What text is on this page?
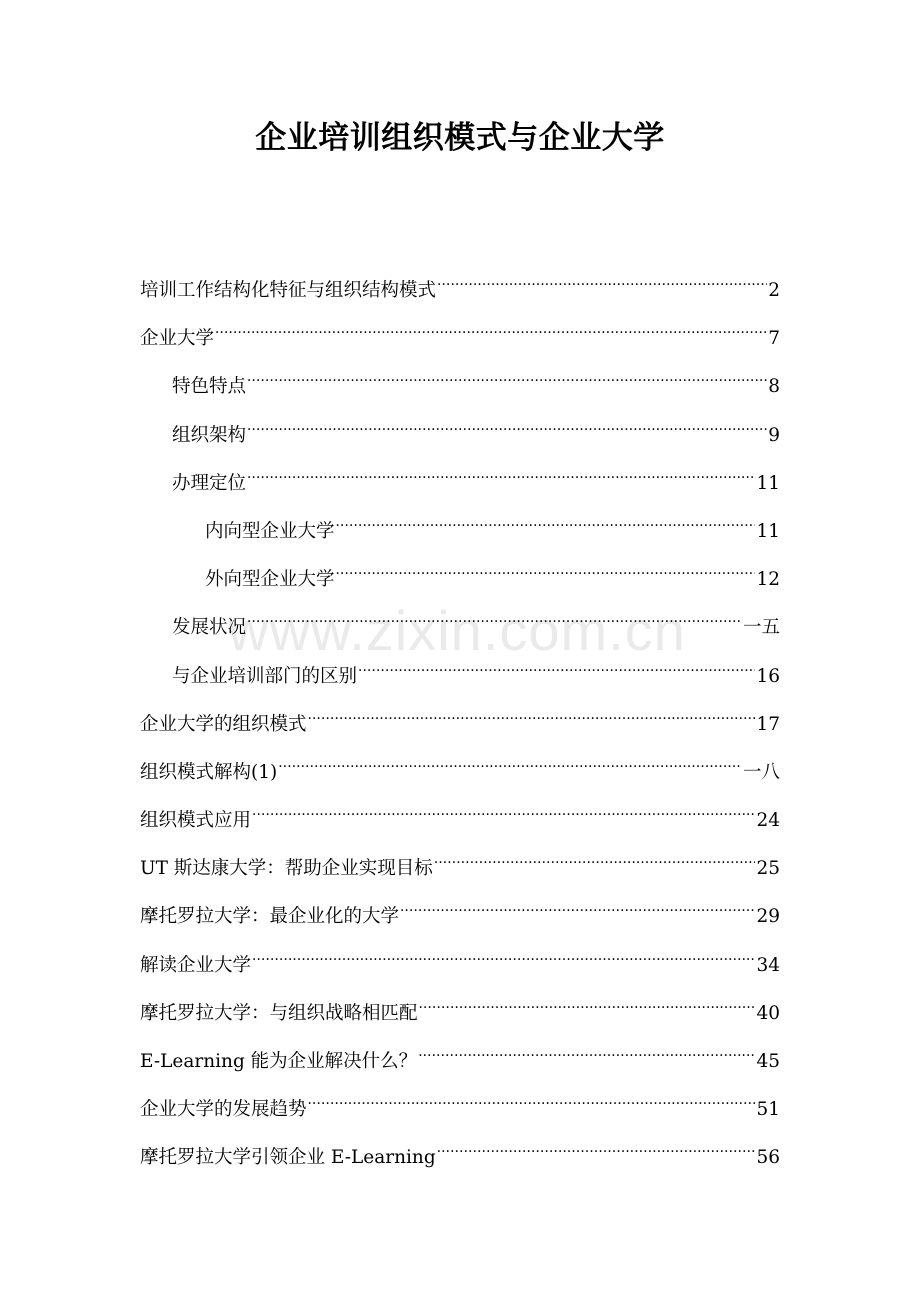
企业培训组织模式与企业大学
www.zixin.com.cn
培训工作结构化特征与组织结构模式 .....	2
企业大学 .....	7
特色特点 .....	8
组织架构 .....	9
办理定位 .....	11
内向型企业大学 .....	11
外向型企业大学 .....	12
发展状况 .....	一五
与企业培训部门的区别 .....	16
企业大学的组织模式 .....	17
组织模式解构(1) .....	一八
组织模式应用 .....	24
UT 斯达康大学：帮助企业实现目标 .....	25
摩托罗拉大学：最企业化的大学 .....	29
解读企业大学 .....	34
摩托罗拉大学：与组织战略相匹配 .....	40
E-Learning 能为企业解决什么？ .....	45
企业大学的发展趋势 .....	51
摩托罗拉大学引领企业 E-Learning .....	56
